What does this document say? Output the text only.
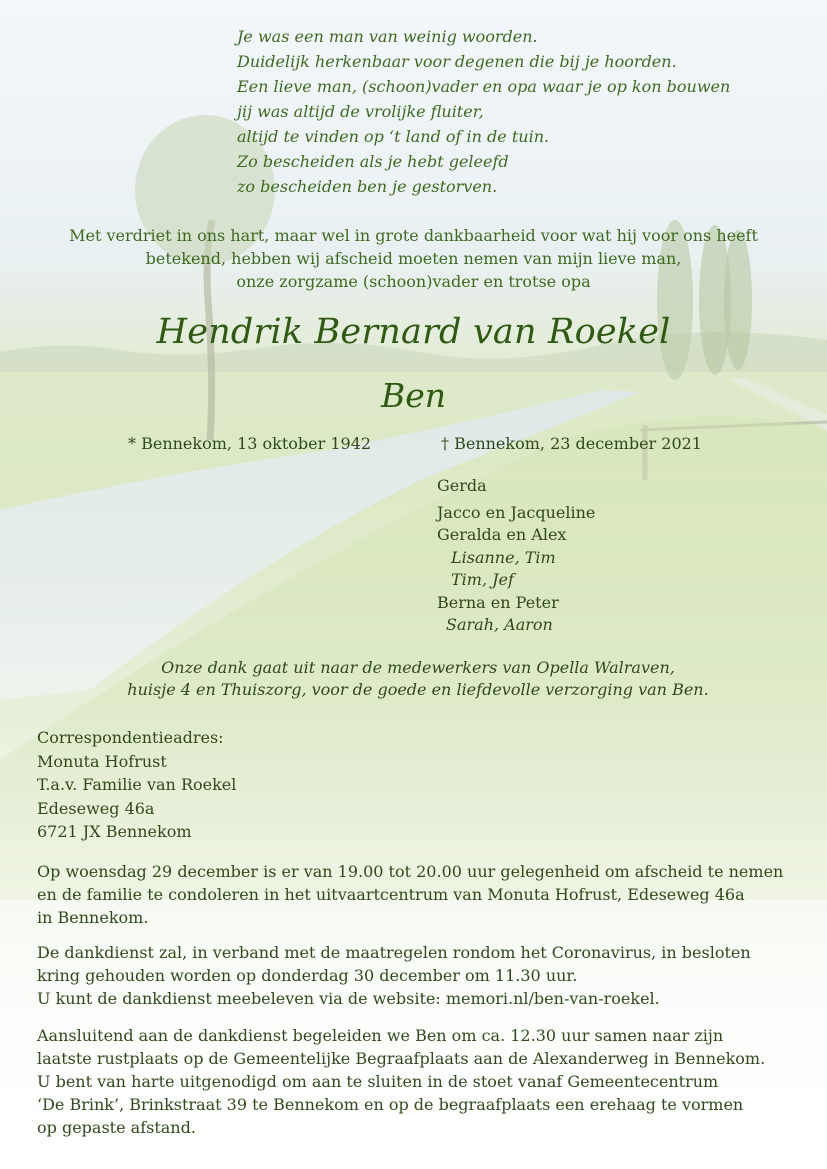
Je was een man van weinig woorden.
Duidelijk herkenbaar voor degenen die bij je hoorden.
Een lieve man, (schoon)vader en opa waar je op kon bouwen
jij was altijd de vrolijke fluiter,
altijd te vinden op ‘t land of in de tuin.
Zo bescheiden als je hebt geleefd
zo bescheiden ben je gestorven.
Met verdriet in ons hart, maar wel in grote dankbaarheid voor wat hij voor ons heeft
betekend, hebben wij afscheid moeten nemen van mijn lieve man,
onze zorgzame (schoon)vader en trotse opa
Hendrik Bernard van Roekel
Ben
* Bennekom, 13 oktober 1942	† Bennekom, 23 december 2021
Gerda
Jacco en Jacqueline
Geralda en Alex
Lisanne, Tim
Tim, Jef
Berna en Peter
Sarah, Aaron
Onze dank gaat uit naar de medewerkers van Opella Walraven,
huisje 4 en Thuiszorg, voor de goede en liefdevolle verzorging van Ben.
Correspondentieadres:
Monuta Hofrust
T.a.v. Familie van Roekel
Edeseweg 46a
6721 JX Bennekom
Op woensdag 29 december is er van 19.00 tot 20.00 uur gelegenheid om afscheid te nemen
en de familie te condoleren in het uitvaartcentrum van Monuta Hofrust, Edeseweg 46a
in Bennekom.
De dankdienst zal, in verband met de maatregelen rondom het Coronavirus, in besloten
kring gehouden worden op donderdag 30 december om 11.30 uur.
U kunt de dankdienst meebeleven via de website: memori.nl/ben-van-roekel.
Aansluitend aan de dankdienst begeleiden we Ben om ca. 12.30 uur samen naar zijn
laatste rustplaats op de Gemeentelijke Begraafplaats aan de Alexanderweg in Bennekom.
U bent van harte uitgenodigd om aan te sluiten in de stoet vanaf Gemeentecentrum
‘De Brink’, Brinkstraat 39 te Bennekom en op de begraafplaats een erehaag te vormen
op gepaste afstand.
